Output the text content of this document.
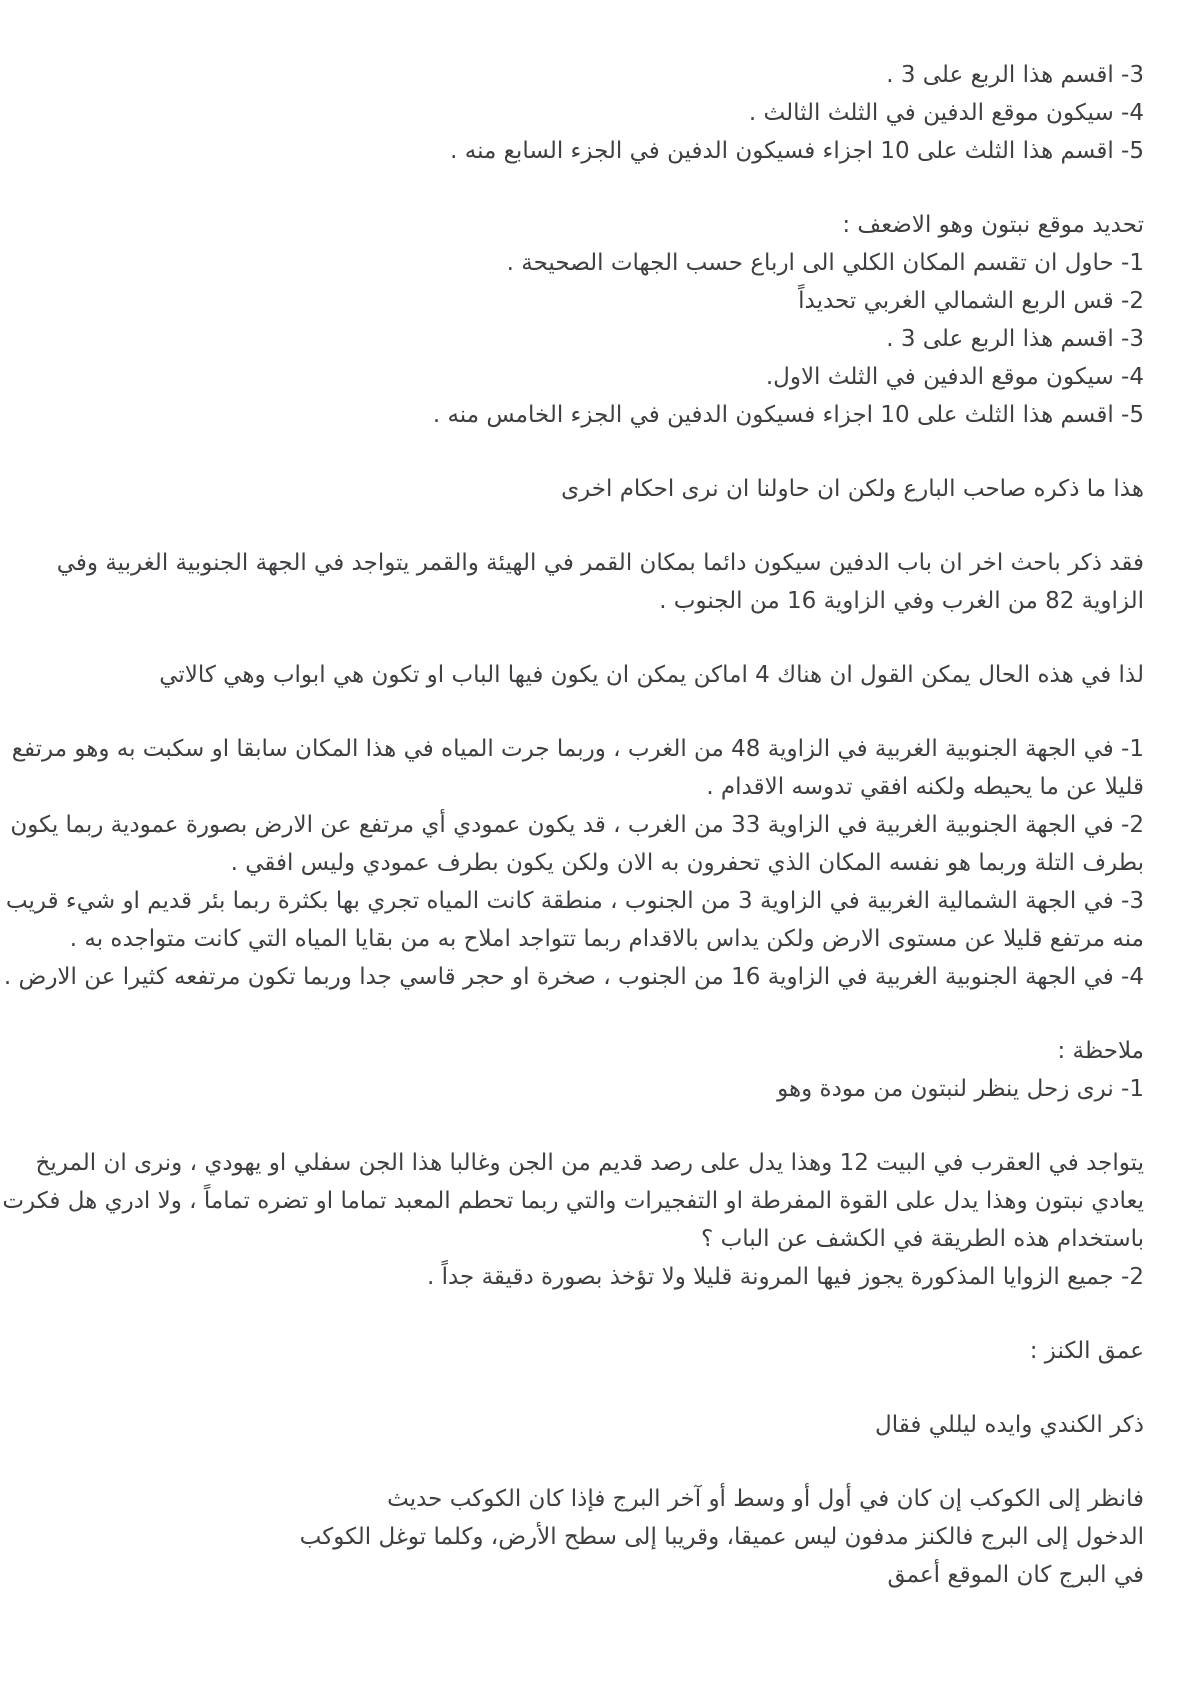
3- اقسم هذا الربع على 3 .
4- سيكون موقع الدفين في الثلث الثالث .
5- اقسم هذا الثلث على 10 اجزاء فسيكون الدفين في الجزء السابع منه .
تحديد موقع نبتون وهو الاضعف :
1- حاول ان تقسم المكان الكلي الى ارباع حسب الجهات الصحيحة .
2- قس الربع الشمالي الغربي تحديداً
3- اقسم هذا الربع على 3 .
4- سيكون موقع الدفين في الثلث الاول.
5- اقسم هذا الثلث على 10 اجزاء فسيكون الدفين في الجزء الخامس منه .
هذا ما ذكره صاحب البارع ولكن ان حاولنا ان نرى احكام اخرى
فقد ذكر باحث اخر ان باب الدفين سيكون دائما بمكان القمر في الهيئة والقمر يتواجد في الجهة الجنوبية الغربية وفي
الزاوية 82 من الغرب وفي الزاوية 16 من الجنوب .
لذا في هذه الحال يمكن القول ان هناك 4 اماكن يمكن ان يكون فيها الباب او تكون هي ابواب وهي كالاتي
1- في الجهة الجنوبية الغربية في الزاوية 48 من الغرب ، وربما جرت المياه في هذا المكان سابقا او سكبت به وهو مرتفع
قليلا عن ما يحيطه ولكنه افقي تدوسه الاقدام .
2- في الجهة الجنوبية الغربية في الزاوية 33 من الغرب ، قد يكون عمودي أي مرتفع عن الارض بصورة عمودية ربما يكون
بطرف التلة وربما هو نفسه المكان الذي تحفرون به الان ولكن يكون بطرف عمودي وليس افقي .
3- في الجهة الشمالية الغربية في الزاوية 3 من الجنوب ، منطقة كانت المياه تجري بها بكثرة ربما بئر قديم او شيء قريب
منه مرتفع قليلا عن مستوى الارض ولكن يداس بالاقدام ربما تتواجد املاح به من بقايا المياه التي كانت متواجده به .
4- في الجهة الجنوبية الغربية في الزاوية 16 من الجنوب ، صخرة او حجر قاسي جدا وربما تكون مرتفعه كثيرا عن الارض .
ملاحظة :
1- نرى زحل ينظر لنبتون من مودة وهو
يتواجد في العقرب في البيت 12 وهذا يدل على رصد قديم من الجن وغالبا هذا الجن سفلي او يهودي ، ونرى ان المريخ
يعادي نبتون وهذا يدل على القوة المفرطة او التفجيرات والتي ربما تحطم المعبد تماما او تضره تماماً ، ولا ادري هل فكرت
باستخدام هذه الطريقة في الكشف عن الباب ؟
2- جميع الزوايا المذكورة يجوز فيها المرونة قليلا ولا تؤخذ بصورة دقيقة جداً .
عمق الكنز :
ذكر الكندي وايده ليللي فقال
فانظر إلى الكوكب إن كان في أول أو وسط أو آخر البرج فإذا كان الكوكب حديث
الدخول إلى البرج فالكنز مدفون ليس عميقا، وقريبا إلى سطح الأرض، وكلما توغل الكوكب
في البرج كان الموقع أعمق
